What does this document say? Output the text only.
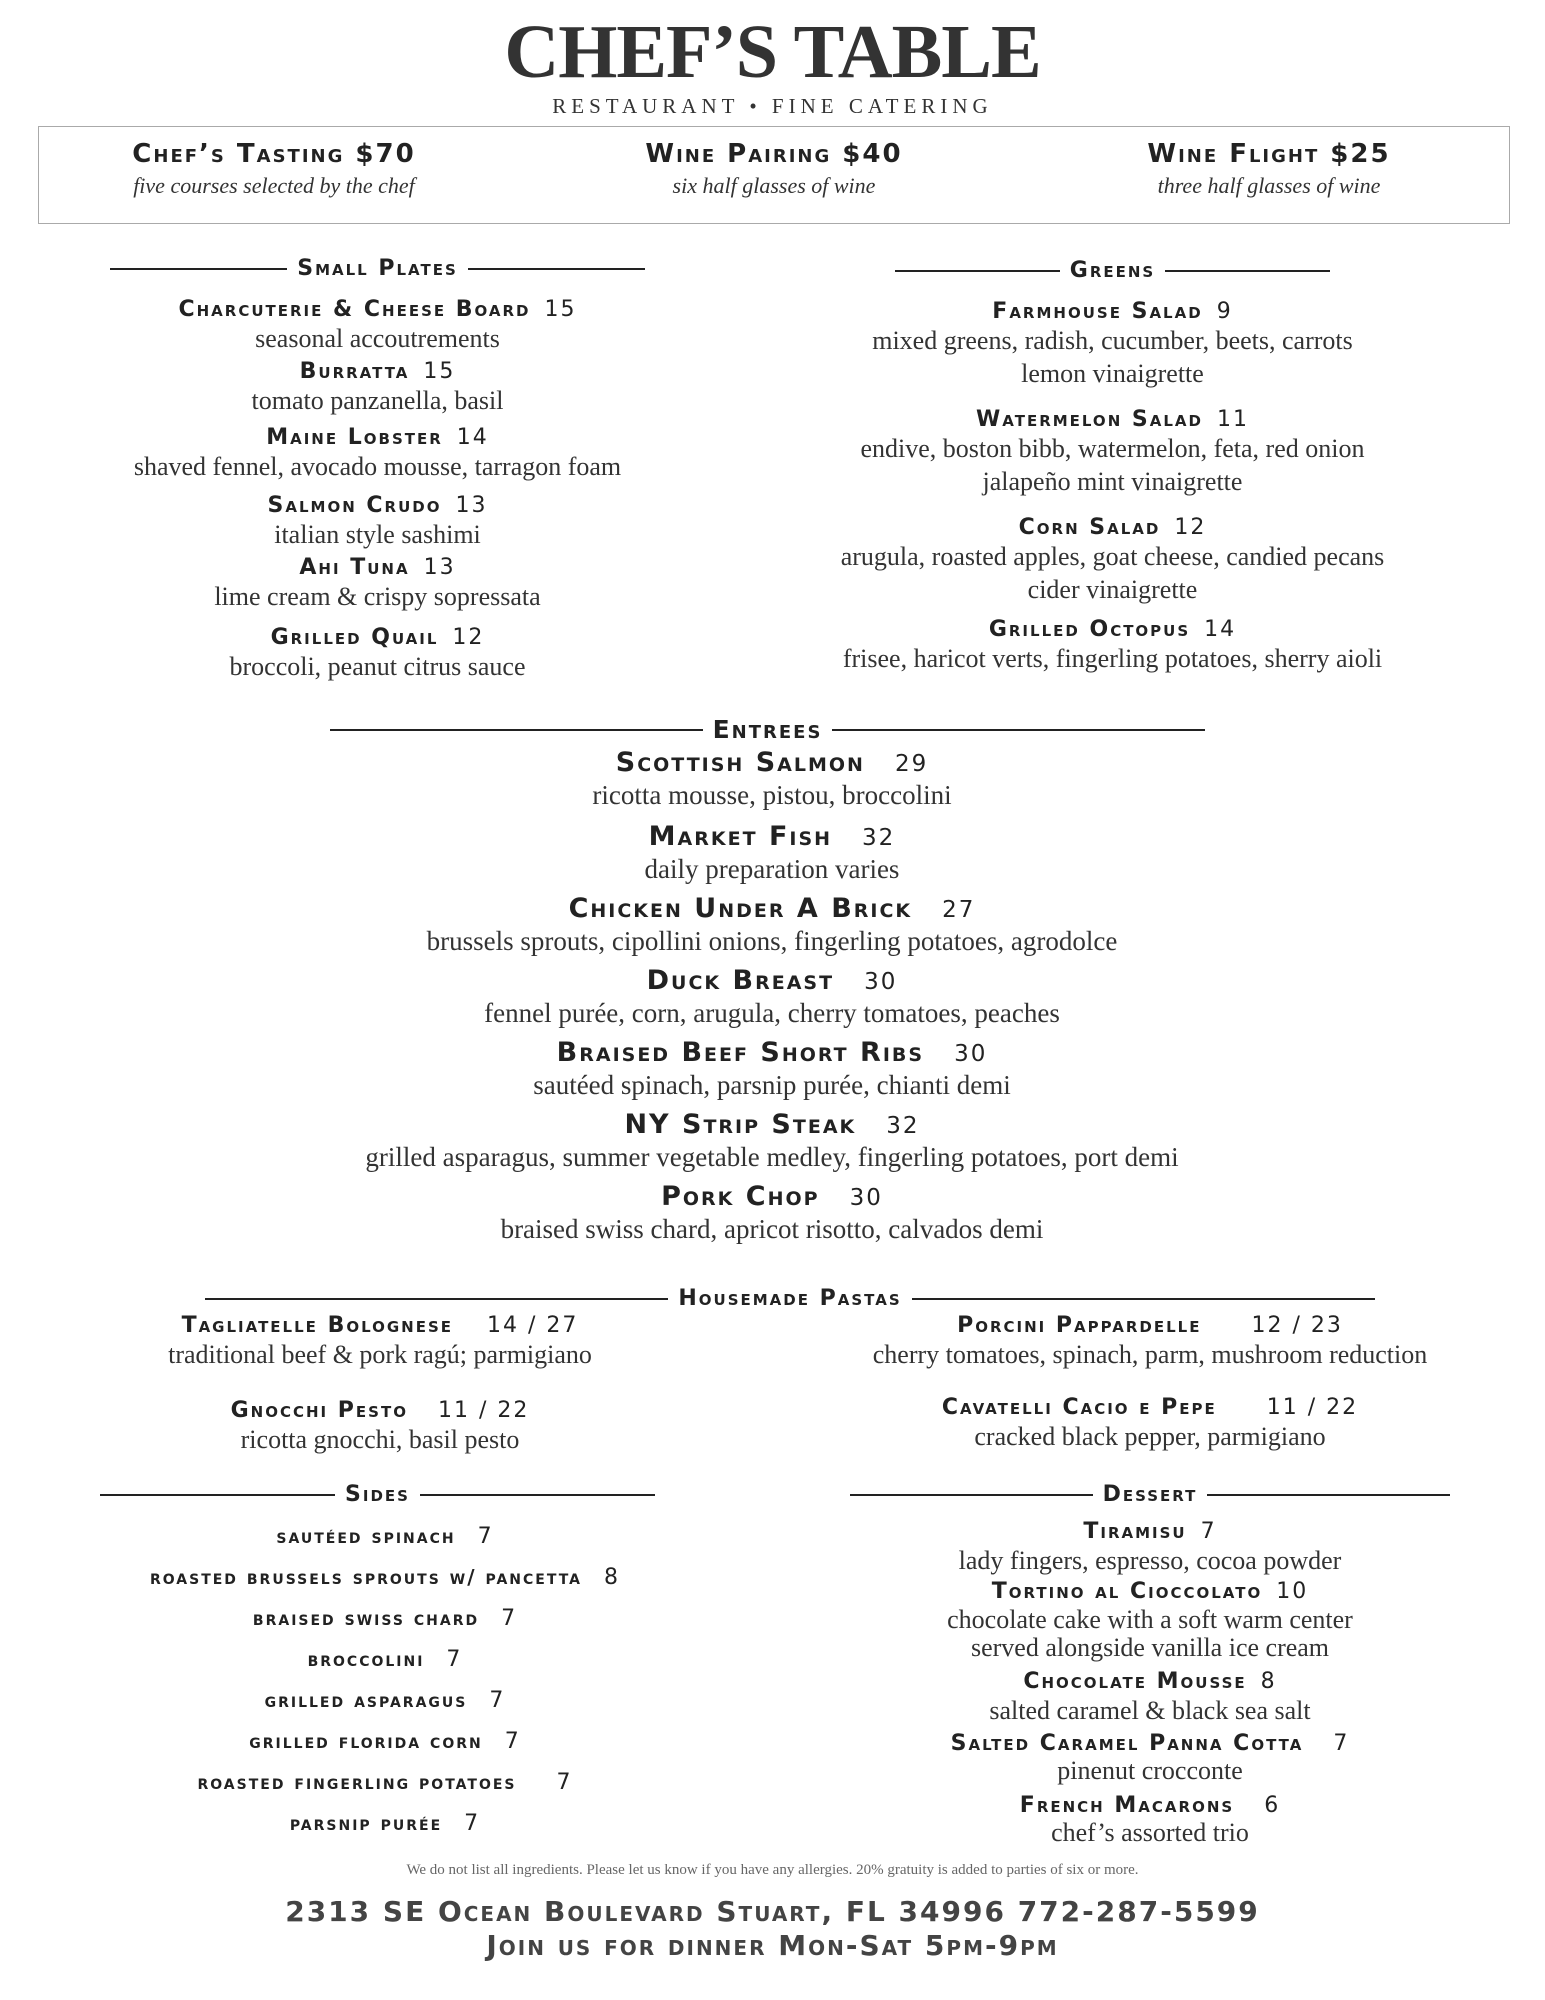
CHEF’S TABLE
RESTAURANT • FINE CATERING
Chef’s Tasting $70
five courses selected by the chef
Wine Pairing $40
six half glasses of wine
Wine Flight $25
three half glasses of wine
Small Plates
Charcuterie & Cheese Board 15
seasonal accoutrements
Burratta 15
tomato panzanella, basil
Maine Lobster 14
shaved fennel, avocado mousse, tarragon foam
Salmon Crudo 13
italian style sashimi
Ahi Tuna 13
lime cream & crispy sopressata
Grilled Quail 12
broccoli, peanut citrus sauce
Greens
Farmhouse Salad 9
mixed greens, radish, cucumber, beets, carrots
lemon vinaigrette
Watermelon Salad 11
endive, boston bibb, watermelon, feta, red onion
jalapeño mint vinaigrette
Corn Salad 12
arugula, roasted apples, goat cheese, candied pecans
cider vinaigrette
Grilled Octopus 14
frisee, haricot verts, fingerling potatoes, sherry aioli
Entrees
Scottish Salmon 29
ricotta mousse, pistou, broccolini
Market Fish 32
daily preparation varies
Chicken Under A Brick 27
brussels sprouts, cipollini onions, fingerling potatoes, agrodolce
Duck Breast 30
fennel purée, corn, arugula, cherry tomatoes, peaches
Braised Beef Short Ribs 30
sautéed spinach, parsnip purée, chianti demi
NY Strip Steak 32
grilled asparagus, summer vegetable medley, fingerling potatoes, port demi
Pork Chop 30
braised swiss chard, apricot risotto, calvados demi
Housemade Pastas
Tagliatelle Bolognese 14 / 27
traditional beef & pork ragú; parmigiano
Porcini Pappardelle 12 / 23
cherry tomatoes, spinach, parm, mushroom reduction
Gnocchi Pesto 11 / 22
ricotta gnocchi, basil pesto
Cavatelli Cacio e Pepe 11 / 22
cracked black pepper, parmigiano
Sides
sautéed spinach 7
roasted brussels sprouts w/ pancetta 8
braised swiss chard 7
broccolini 7
grilled asparagus 7
grilled florida corn 7
roasted fingerling potatoes 7
parsnip purée 7
Dessert
Tiramisu 7
lady fingers, espresso, cocoa powder
Tortino al Cioccolato 10
chocolate cake with a soft warm center
served alongside vanilla ice cream
Chocolate Mousse 8
salted caramel & black sea salt
Salted Caramel Panna Cotta 7
pinenut crocconte
French Macarons 6
chef’s assorted trio
We do not list all ingredients. Please let us know if you have any allergies. 20% gratuity is added to parties of six or more.
2313 SE Ocean Boulevard Stuart, FL 34996 772-287-5599
Join us for dinner Mon-Sat 5pm-9pm
